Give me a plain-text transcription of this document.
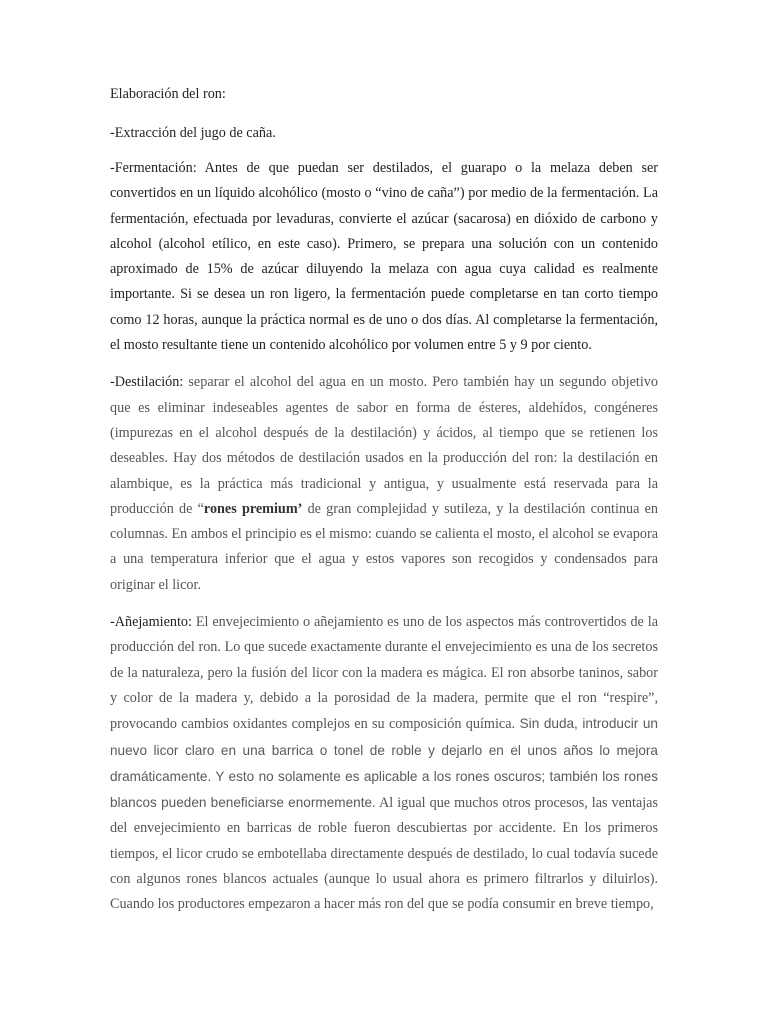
Elaboración del ron:
-Extracción del jugo de caña.

-Fermentación: Antes de que puedan ser destilados, el guarapo o la melaza deben ser convertidos en un líquido alcohólico (mosto o “vino de caña”) por medio de la fermentación. La fermentación, efectuada por levaduras, convierte el azúcar (sacarosa) en dióxido de carbono y alcohol (alcohol etílico, en este caso). Primero, se prepara una solución con un contenido aproximado de 15% de azúcar diluyendo la melaza con agua cuya calidad es realmente importante. Si se desea un ron ligero, la fermentación puede completarse en tan corto tiempo como 12 horas, aunque la práctica normal es de uno o dos días. Al completarse la fermentación, el mosto resultante tiene un contenido alcohólico por volumen entre 5 y 9 por ciento.

-Destilación: separar el alcohol del agua en un mosto. Pero también hay un segundo objetivo que es eliminar indeseables agentes de sabor en forma de ésteres, aldehídos, congéneres (impurezas en el alcohol después de la destilación) y ácidos, al tiempo que se retienen los deseables. Hay dos métodos de destilación usados en la producción del ron: la destilación en alambique, es la práctica más tradicional y antigua, y usualmente está reservada para la producción de “rones premium’ de gran complejidad y sutileza, y la destilación continua en columnas. En ambos el principio es el mismo: cuando se calienta el mosto, el alcohol se evapora a una temperatura inferior que el agua y estos vapores son recogidos y condensados para originar el licor.

-Añejamiento: El envejecimiento o añejamiento es uno de los aspectos más controvertidos de la producción del ron. Lo que sucede exactamente durante el envejecimiento es una de los secretos de la naturaleza, pero la fusión del licor con la madera es mágica. El ron absorbe taninos, sabor y color de la madera y, debido a la porosidad de la madera, permite que el ron “respire”, provocando cambios oxidantes complejos en su composición química. Sin duda, introducir un nuevo licor claro en una barrica o tonel de roble y dejarlo en el unos años lo mejora dramáticamente. Y esto no solamente es aplicable a los rones oscuros; también los rones blancos pueden beneficiarse enormemente. Al igual que muchos otros procesos, las ventajas del envejecimiento en barricas de roble fueron descubiertas por accidente. En los primeros tiempos, el licor crudo se embotellaba directamente después de destilado, lo cual todavía sucede con algunos rones blancos actuales (aunque lo usual ahora es primero filtrarlos y diluirlos). Cuando los productores empezaron a hacer más ron del que se podía consumir en breve tiempo,
